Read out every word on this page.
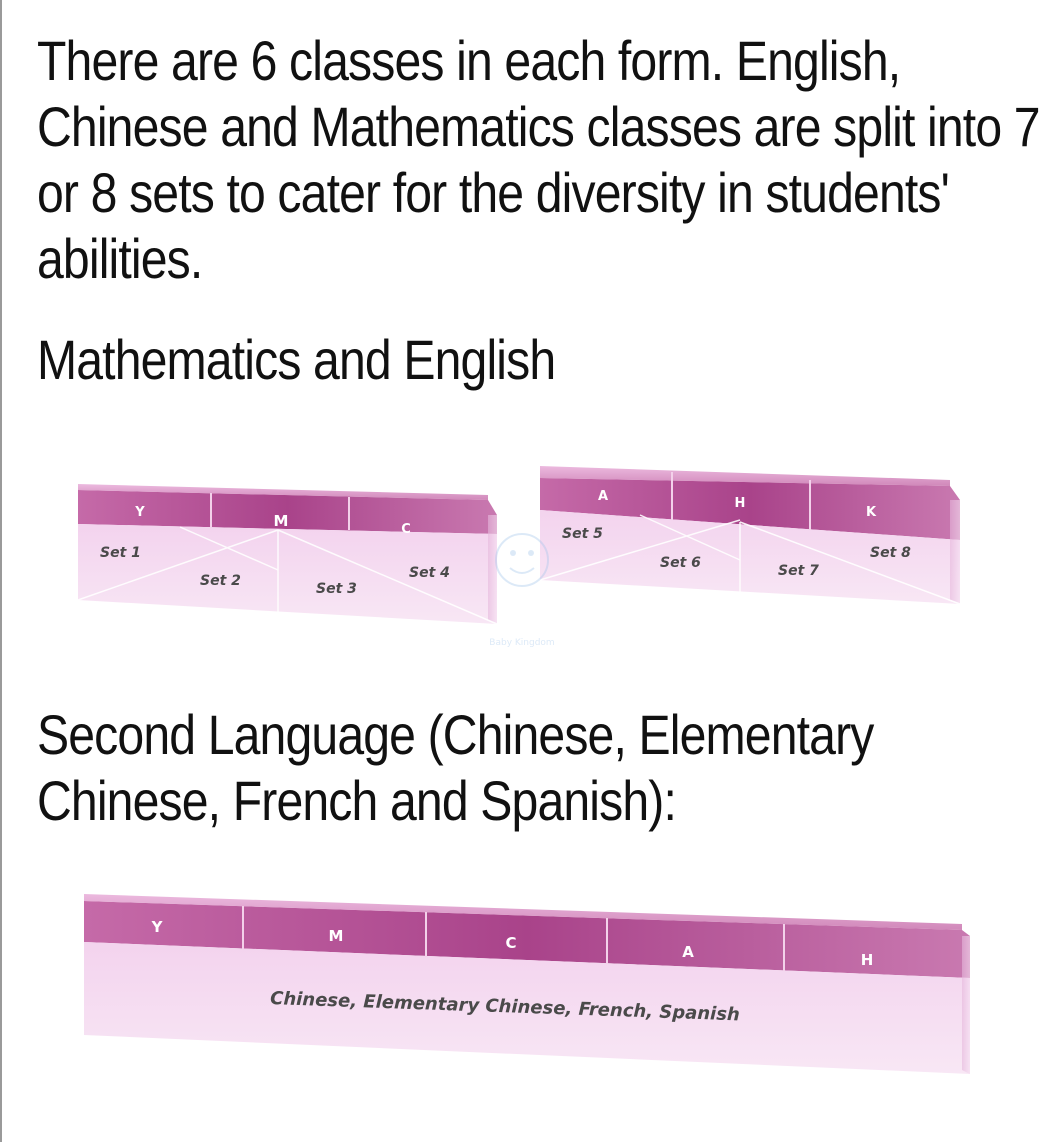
There are 6 classes in each form. English, Chinese and Mathematics classes are split into 7 or 8 sets to cater for the diversity in students' abilities.
Mathematics and English
Second Language (Chinese, Elementary Chinese, French and Spanish):
Y	M	C
Set 1
Set 2	Set 3
Set 4
A	H
K
Set 5
Set 6	Set 7
Set 8
Baby Kingdom
Y	M	C	A	H
Chinese, Elementary Chinese, French, Spanish
